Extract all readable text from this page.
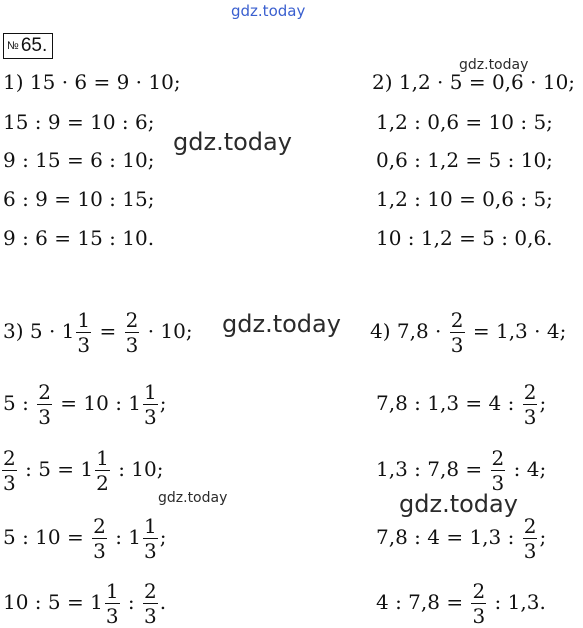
gdz.today
gdz.today
gdz.today
gdz.today
gdz.today	gdz.today
№ 65.
1) 15 · 6 = 9 · 10;
15 : 9 = 10 : 6;
9 : 15 = 6 : 10;
6 : 9 = 10 : 15;
9 : 6 = 15 : 10.
2) 1,2 · 5 = 0,6 · 10;
1,2 : 0,6 = 10 : 5;
0,6 : 1,2 = 5 : 10;
1,2 : 10 = 0,6 : 5;
10 : 1,2 = 5 : 0,6.
3) $5 \cdot 1 \frac{1}{3} = \frac{2}{3} \cdot 10$;
5 : $\frac{2}{3} = 10$ : $1 \frac{1}{3}$ ;
$\frac{2}{3}$ : $5 = 1 \frac{1}{2}$ : 10;
5 : $10 = \frac{2}{3}$ : $1 \frac{1}{3}$ ;
10 : $5 = 1 \frac{1}{3}$ : $\frac{2}{3}$ .
4) $7,8 \cdot \frac{2}{3} = 1,3 \cdot 4$;
7,8 : 1,3 = 4 : $\frac{2}{3}$ ;
1,3 : $7,8 = \frac{2}{3}$ : 4;
7,8 : 4 = 1,3 : $\frac{2}{3}$ ;
4 : $7,8 = \frac{2}{3}$ : 1,3.
